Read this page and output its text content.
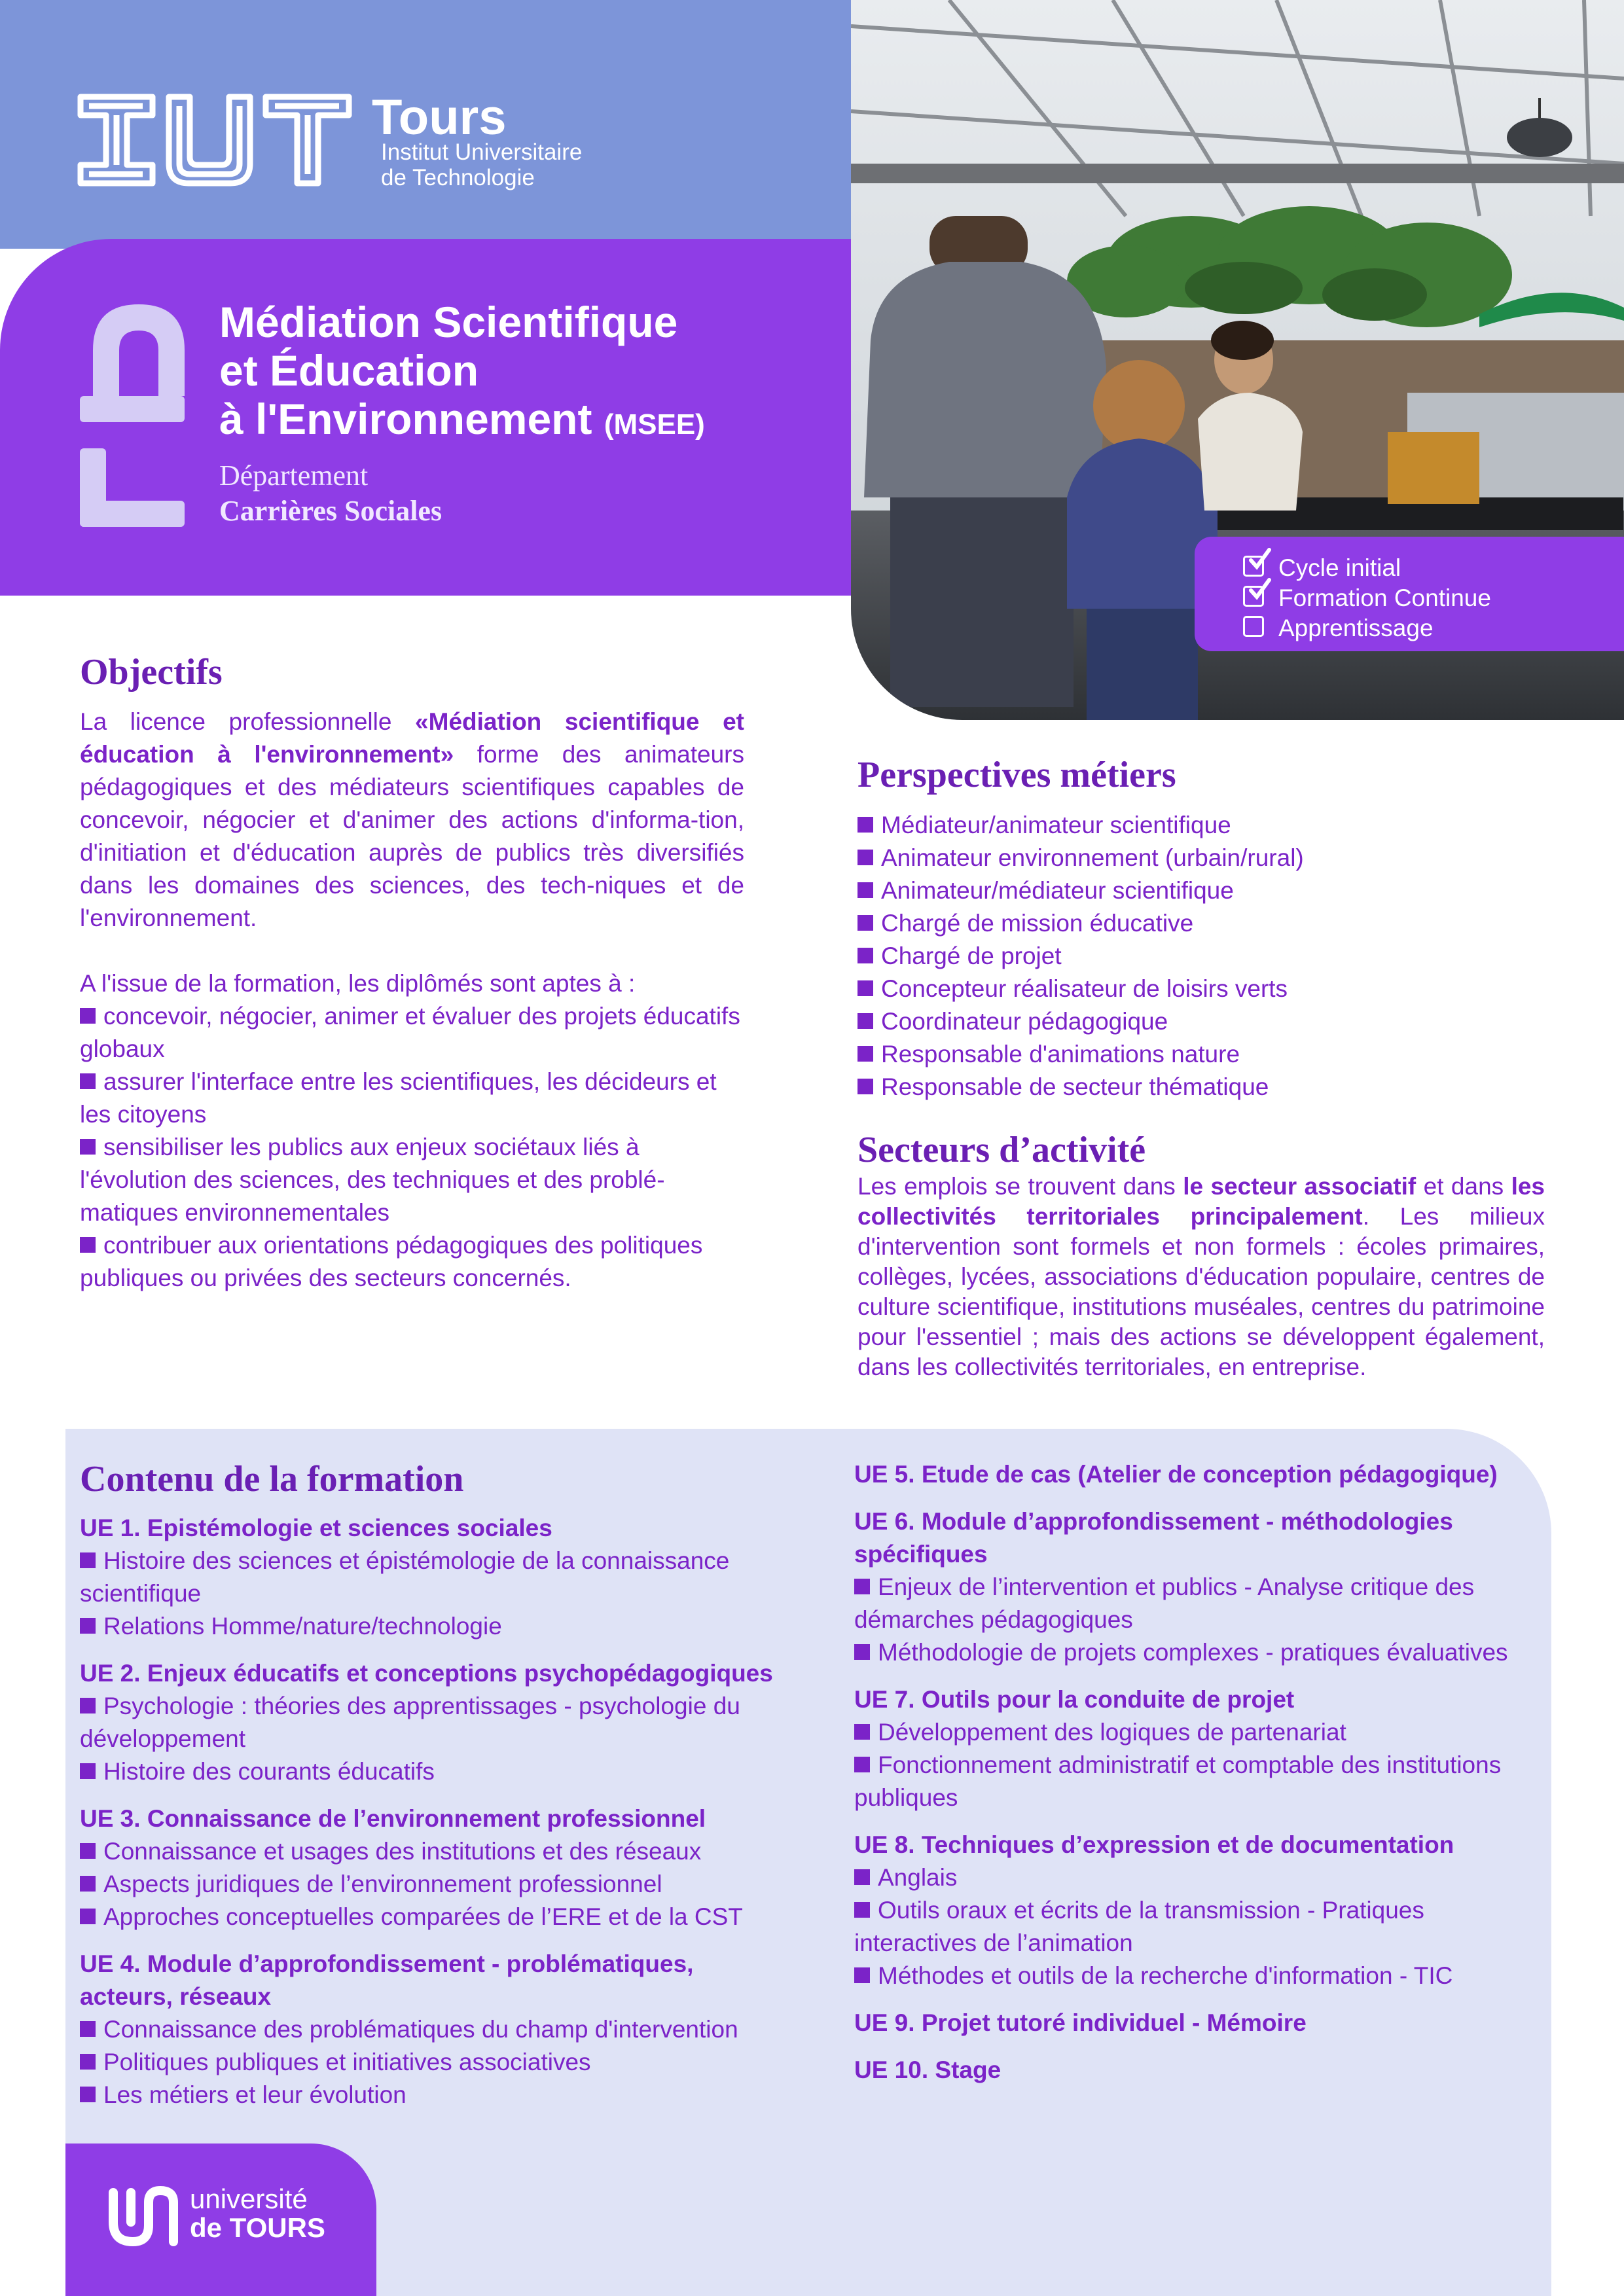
Tours
Institut Universitaire
de Technologie
Médiation Scientifique
et Éducation
à l'Environnement (MSEE)
Département
Carrières Sociales
Cycle initial
Formation Continue
Apprentissage
Objectifs
La licence professionnelle «Médiation scientifique et éducation à l'environnement» forme des animateurs pédagogiques et des médiateurs scientifiques capables de concevoir, négocier et d'animer des actions d'informa-tion, d'initiation et d'éducation auprès de publics très diversifiés dans les domaines des sciences, des tech-niques et de l'environnement.
A l'issue de la formation, les diplômés sont aptes à :
concevoir, négocier, animer et évaluer des projets éducatifs globaux
assurer l'interface entre les scientifiques, les décideurs et les citoyens
sensibiliser les publics aux enjeux sociétaux liés à l'évolution des sciences, des techniques et des problé-matiques environnementales
contribuer aux orientations pédagogiques des politiques publiques ou privées des secteurs concernés.
Perspectives métiers
Médiateur/animateur scientifique
Animateur environnement (urbain/rural)
Animateur/médiateur scientifique
Chargé de mission éducative
Chargé de projet
Concepteur réalisateur de loisirs verts
Coordinateur pédagogique
Responsable d'animations nature
Responsable de secteur thématique
Secteurs d’activité
Les emplois se trouvent dans le secteur associatif et dans les collectivités territoriales principalement. Les milieux d'intervention sont formels et non formels : écoles primaires, collèges, lycées, associations d'éducation populaire, centres de culture scientifique, institutions muséales, centres du patrimoine pour l'essentiel ; mais des actions se développent également, dans les collectivités territoriales, en entreprise.
Contenu de la formation
UE 1. Epistémologie et sciences sociales
Histoire des sciences et épistémologie de la connaissance scientifique
Relations Homme/nature/technologie
UE 2. Enjeux éducatifs et conceptions psychopédagogiques
Psychologie : théories des apprentissages - psychologie du développement
Histoire des courants éducatifs
UE 3. Connaissance de l’environnement professionnel
Connaissance et usages des institutions et des réseaux
Aspects juridiques de l’environnement professionnel
Approches conceptuelles comparées de l’ERE et de la CST
UE 4. Module d’approfondissement - problématiques, acteurs, réseaux
Connaissance des problématiques du champ d'intervention
Politiques publiques et initiatives associatives
Les métiers et leur évolution
UE 5. Etude de cas (Atelier de conception pédagogique)
UE 6. Module d’approfondissement - méthodologies spécifiques
Enjeux de l’intervention et publics - Analyse critique des démarches pédagogiques
Méthodologie de projets complexes - pratiques évaluatives
UE 7. Outils pour la conduite de projet
Développement des logiques de partenariat
Fonctionnement administratif et comptable des institutions publiques
UE 8. Techniques d’expression et de documentation
Anglais
Outils oraux et écrits de la transmission - Pratiques interactives de l’animation
Méthodes et outils de la recherche d'information - TIC
UE 9. Projet tutoré individuel - Mémoire
UE 10. Stage
université
de TOURS
